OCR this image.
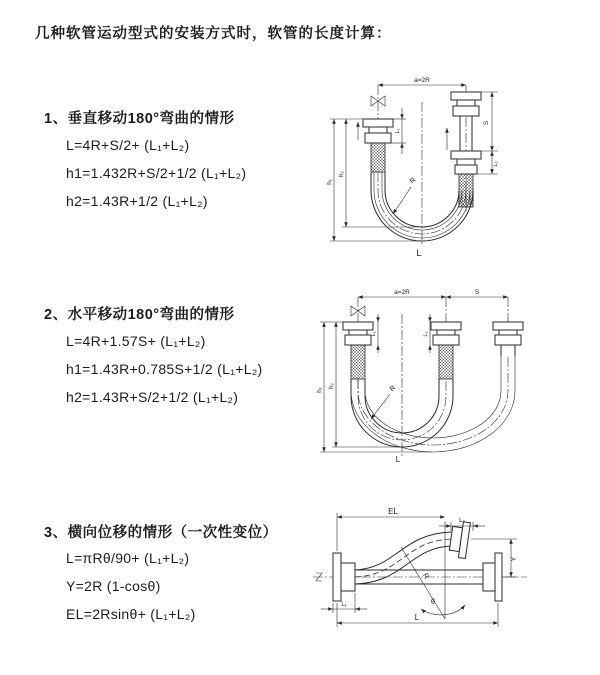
几种软管运动型式的安装方式时，软管的长度计算：
1、垂直移动180°弯曲的情形
L=4R+S/2+ (L₁+L₂)
h1=1.432R+S/2+1/2 (L₁+L₂)
h2=1.43R+1/2 (L₁+L₂)
2、水平移动180°弯曲的情形
L=4R+1.57S+ (L₁+L₂)
h1=1.43R+0.785S+1/2 (L₁+L₂)
h2=1.43R+S/2+1/2 (L₁+L₂)
3、横向位移的情形（一次性变位）
L=πRθ/90+ (L₁+L₂)
Y=2R (1-cosθ)
EL=2Rsinθ+ (L₁+L₂)
a=2R
R
L
h₁
h₂
L₁
S
L₂
a=2R	S
R
h₁
h₂
L₁	L₂
L
R
θ
EL
L₂
Y
L₁
L
